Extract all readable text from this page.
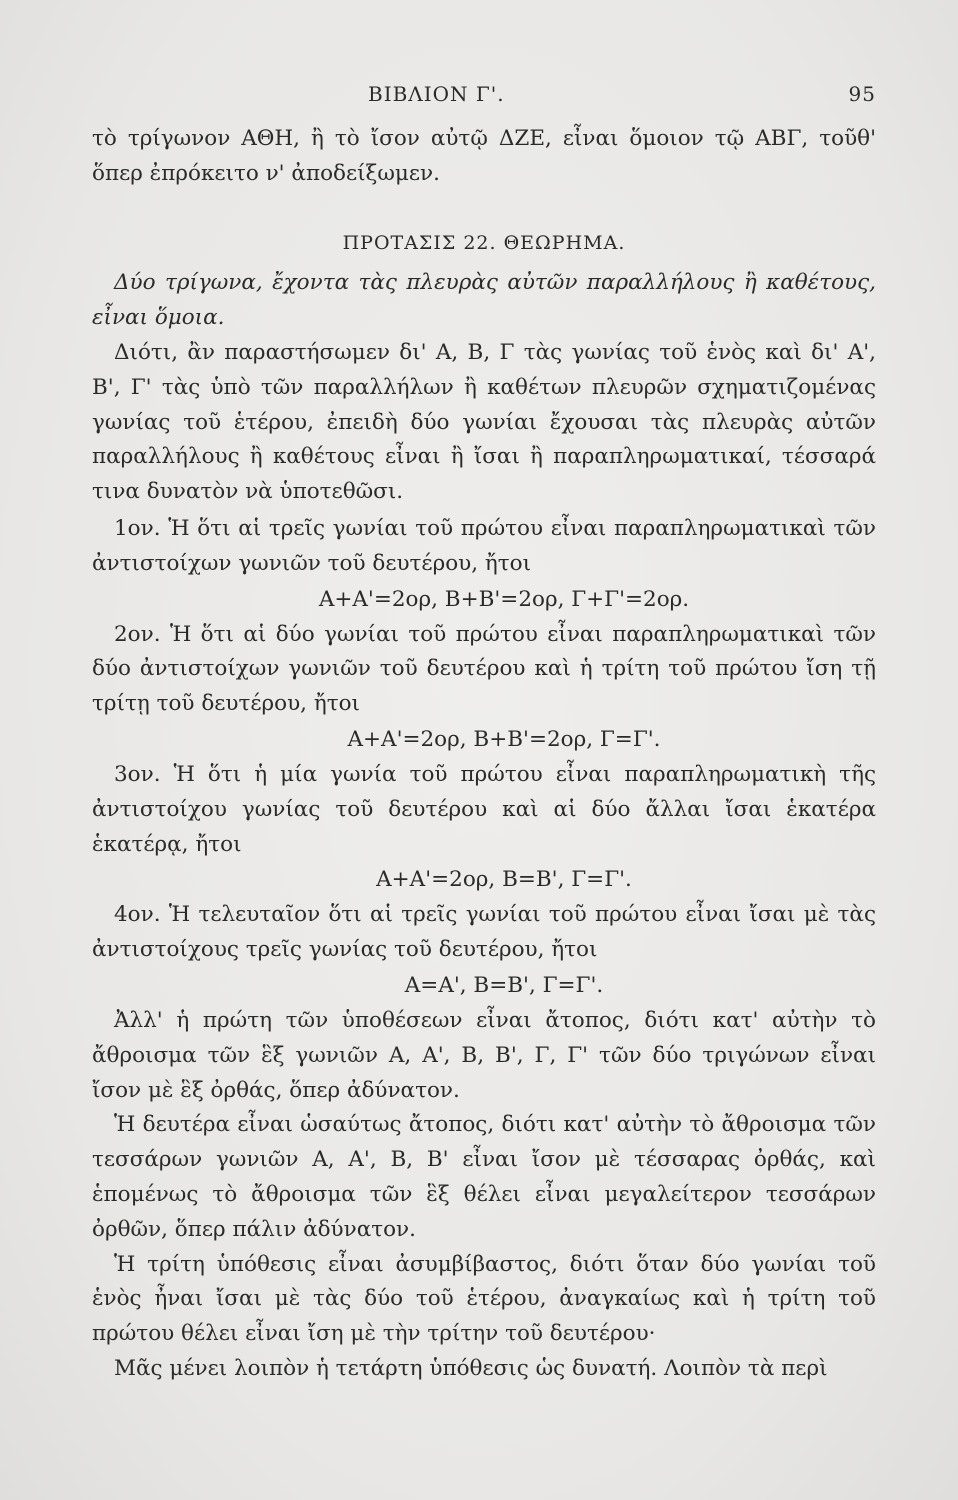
ΒΙΒΛΙΟΝ Γ'.	95

τὸ τρίγωνον ΑΘΗ, ἢ τὸ ἴσον αὐτῷ ΔΖΕ, εἶναι ὅμοιον τῷ ΑΒΓ, τοῦθ' ὅπερ ἐπρόκειτο ν' ἀποδείξωμεν.

ΠΡΟΤΑΣΙΣ 22. ΘΕΩΡΗΜΑ.

Δύο τρίγωνα, ἔχοντα τὰς πλευρὰς αὐτῶν παραλλήλους ἢ καθέτους, εἶναι ὅμοια.

Διότι, ἂν παραστήσωμεν δι' Α, Β, Γ τὰς γωνίας τοῦ ἑνὸς καὶ δι' Α', Β', Γ' τὰς ὑπὸ τῶν παραλλήλων ἢ καθέτων πλευρῶν σχηματιζομένας γωνίας τοῦ ἑτέρου, ἐπειδὴ δύο γωνίαι ἔχουσαι τὰς πλευρὰς αὐτῶν παραλλήλους ἢ καθέτους εἶναι ἢ ἴσαι ἢ παραπληρωματικαί, τέσσαρά τινα δυνατὸν νὰ ὑποτεθῶσι.

1ον. Ἡ ὅτι αἱ τρεῖς γωνίαι τοῦ πρώτου εἶναι παραπληρωματικαὶ τῶν ἀντιστοίχων γωνιῶν τοῦ δευτέρου, ἤτοι

Α+Α'=2ορ, Β+Β'=2ορ, Γ+Γ'=2ορ.

2ον. Ἡ ὅτι αἱ δύο γωνίαι τοῦ πρώτου εἶναι παραπληρωματικαὶ τῶν δύο ἀντιστοίχων γωνιῶν τοῦ δευτέρου καὶ ἡ τρίτη τοῦ πρώτου ἴση τῇ τρίτῃ τοῦ δευτέρου, ἤτοι

Α+Α'=2ορ, Β+Β'=2ορ, Γ=Γ'.

3ον. Ἡ ὅτι ἡ μία γωνία τοῦ πρώτου εἶναι παραπληρωματικὴ τῆς ἀντιστοίχου γωνίας τοῦ δευτέρου καὶ αἱ δύο ἄλλαι ἴσαι ἑκατέρα ἑκατέρᾳ, ἤτοι

Α+Α'=2ορ, Β=Β', Γ=Γ'.

4ον. Ἡ τελευταῖον ὅτι αἱ τρεῖς γωνίαι τοῦ πρώτου εἶναι ἴσαι μὲ τὰς ἀντιστοίχους τρεῖς γωνίας τοῦ δευτέρου, ἤτοι

Α=Α', Β=Β', Γ=Γ'.

Ἀλλ' ἡ πρώτη τῶν ὑποθέσεων εἶναι ἄτοπος, διότι κατ' αὐτὴν τὸ ἄθροισμα τῶν ἓξ γωνιῶν Α, Α', Β, Β', Γ, Γ' τῶν δύο τριγώνων εἶναι ἴσον μὲ ἓξ ὀρθάς, ὅπερ ἀδύνατον.

Ἡ δευτέρα εἶναι ὡσαύτως ἄτοπος, διότι κατ' αὐτὴν τὸ ἄθροισμα τῶν τεσσάρων γωνιῶν Α, Α', Β, Β' εἶναι ἴσον μὲ τέσσαρας ὀρθάς, καὶ ἑπομένως τὸ ἄθροισμα τῶν ἓξ θέλει εἶναι μεγαλείτερον τεσσάρων ὀρθῶν, ὅπερ πάλιν ἀδύνατον.

Ἡ τρίτη ὑπόθεσις εἶναι ἀσυμβίβαστος, διότι ὅταν δύο γωνίαι τοῦ ἑνὸς ἦναι ἴσαι μὲ τὰς δύο τοῦ ἑτέρου, ἀναγκαίως καὶ ἡ τρίτη τοῦ πρώτου θέλει εἶναι ἴση μὲ τὴν τρίτην τοῦ δευτέρου·

Μᾶς μένει λοιπὸν ἡ τετάρτη ὑπόθεσις ὡς δυνατή. Λοιπὸν τὰ περὶ
